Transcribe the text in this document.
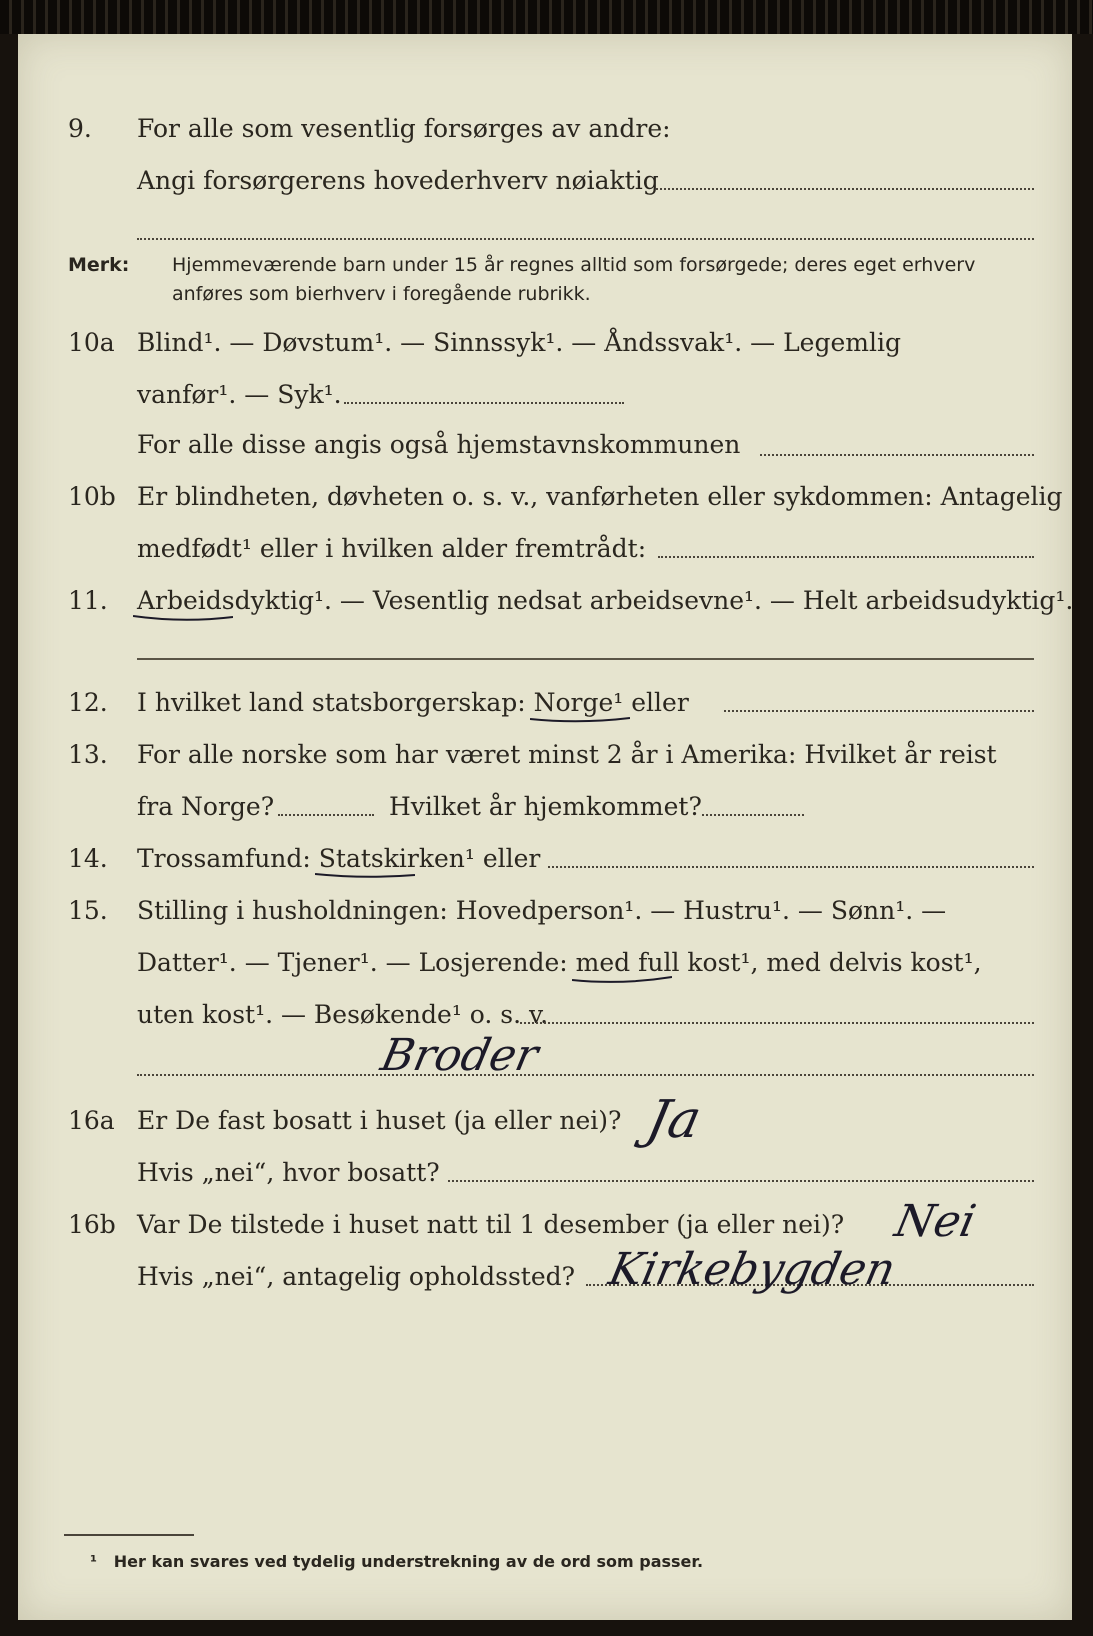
9. For alle som vesentlig forsørges av andre:
Angi forsørgerens hovederhverv nøiaktig
Merk: Hjemmeværende barn under 15 år regnes alltid som forsørgede; deres eget erhverv
anføres som bierhverv i foregående rubrikk.
10a Blind¹. — Døvstum¹. — Sinnssyk¹. — Åndssvak¹. — Legemlig
vanfør¹. — Syk¹.
For alle disse angis også hjemstavnskommunen
10b Er blindheten, døvheten o. s. v., vanførheten eller sykdommen: Antagelig
medfødt¹ eller i hvilken alder fremtrådt:
11. Arbeidsdyktig
¹. — Vesentlig nedsat arbeidsevne¹. — Helt arbeidsudyktig¹.
12. I hvilket land statsborgerskap: Norge
¹ eller
13. For alle norske som har været minst 2 år i Amerika: Hvilket år reist
fra Norge?	Hvilket år hjemkommet?
14. Trossamfund: Statskirken
¹ eller
15. Stilling i husholdningen: Hovedperson¹. — Hustru¹. — Sønn¹. —
Datter¹. — Tjener¹. — Losjerende: med full kost
¹, med delvis kost¹,
uten kost¹. — Besøkende¹ o. s. v.
Broder
16a Er De fast bosatt i huset (ja eller nei)? Ja
Hvis „nei“, hvor bosatt?
16b Var De tilstede i huset natt til 1 desember (ja eller nei)? Nei
Hvis „nei“, antagelig opholdssted? Kirkebygden
¹ Her kan svares ved tydelig understrekning av de ord som passer.
